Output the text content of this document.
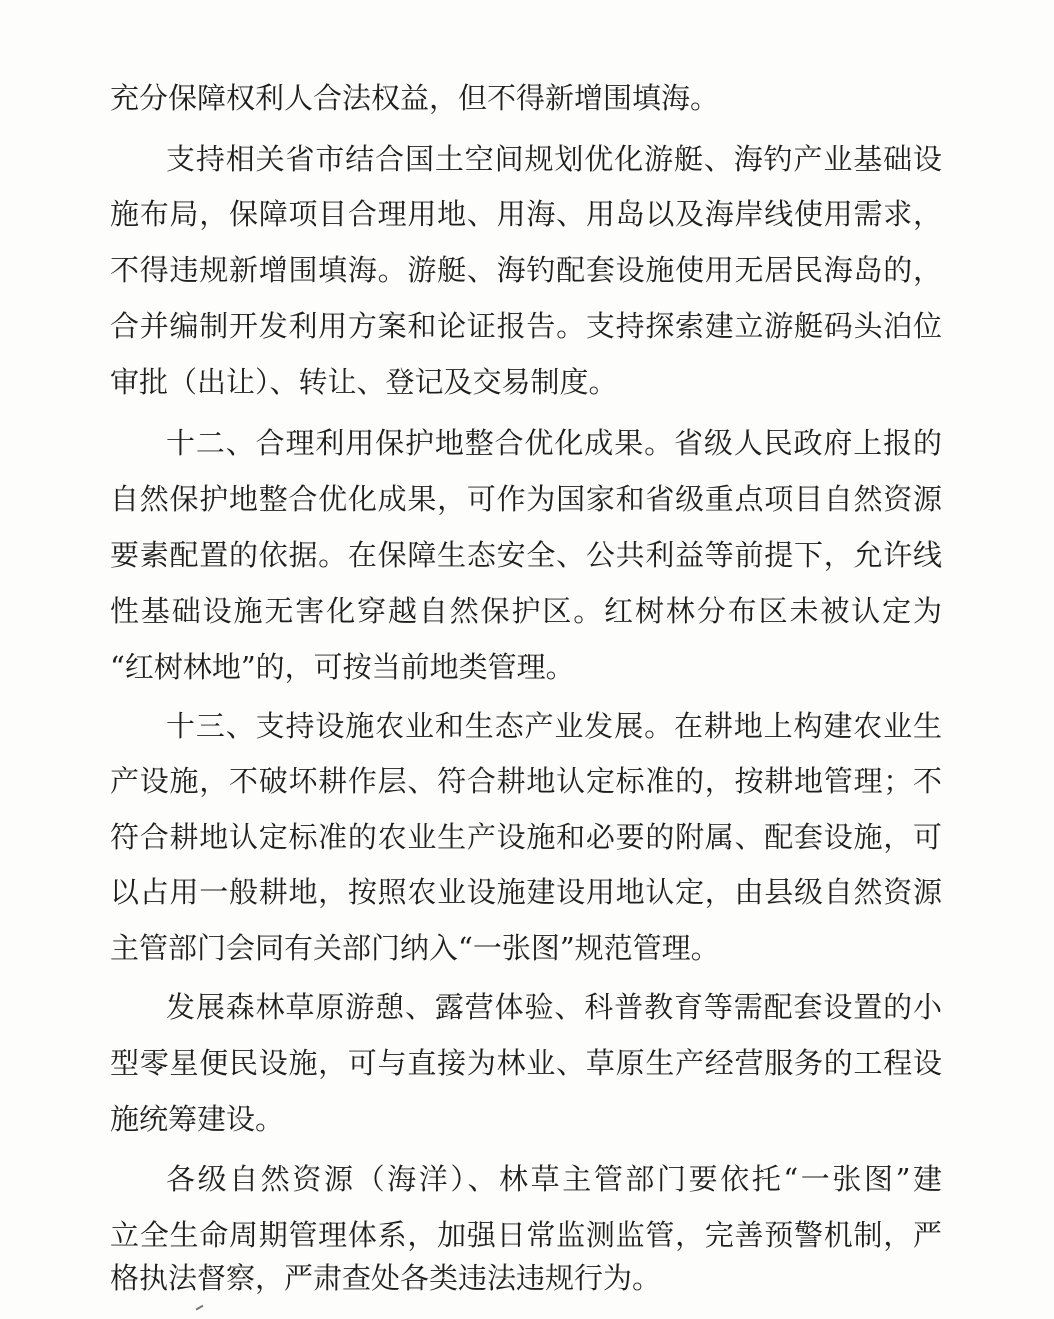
充分保障权利人合法权益，但不得新增围填海。
支持相关省市结合国土空间规划优化游艇、海钓产业基础设
施布局，保障项目合理用地、用海、用岛以及海岸线使用需求，
不得违规新增围填海。游艇、海钓配套设施使用无居民海岛的，
合并编制开发利用方案和论证报告。支持探索建立游艇码头泊位
审批（出让）、转让、登记及交易制度。
十二、合理利用保护地整合优化成果。省级人民政府上报的
自然保护地整合优化成果，可作为国家和省级重点项目自然资源
要素配置的依据。在保障生态安全、公共利益等前提下，允许线
性基础设施无害化穿越自然保护区。红树林分布区未被认定为
“红树林地”的，可按当前地类管理。
十三、支持设施农业和生态产业发展。在耕地上构建农业生
产设施，不破坏耕作层、符合耕地认定标准的，按耕地管理；不
符合耕地认定标准的农业生产设施和必要的附属、配套设施，可
以占用一般耕地，按照农业设施建设用地认定，由县级自然资源
主管部门会同有关部门纳入“一张图”规范管理。
发展森林草原游憩、露营体验、科普教育等需配套设置的小
型零星便民设施，可与直接为林业、草原生产经营服务的工程设
施统筹建设。
各级自然资源（海洋）、林草主管部门要依托“一张图”建
立全生命周期管理体系，加强日常监测监管，完善预警机制，严
格执法督察，严肃查处各类违法违规行为。
